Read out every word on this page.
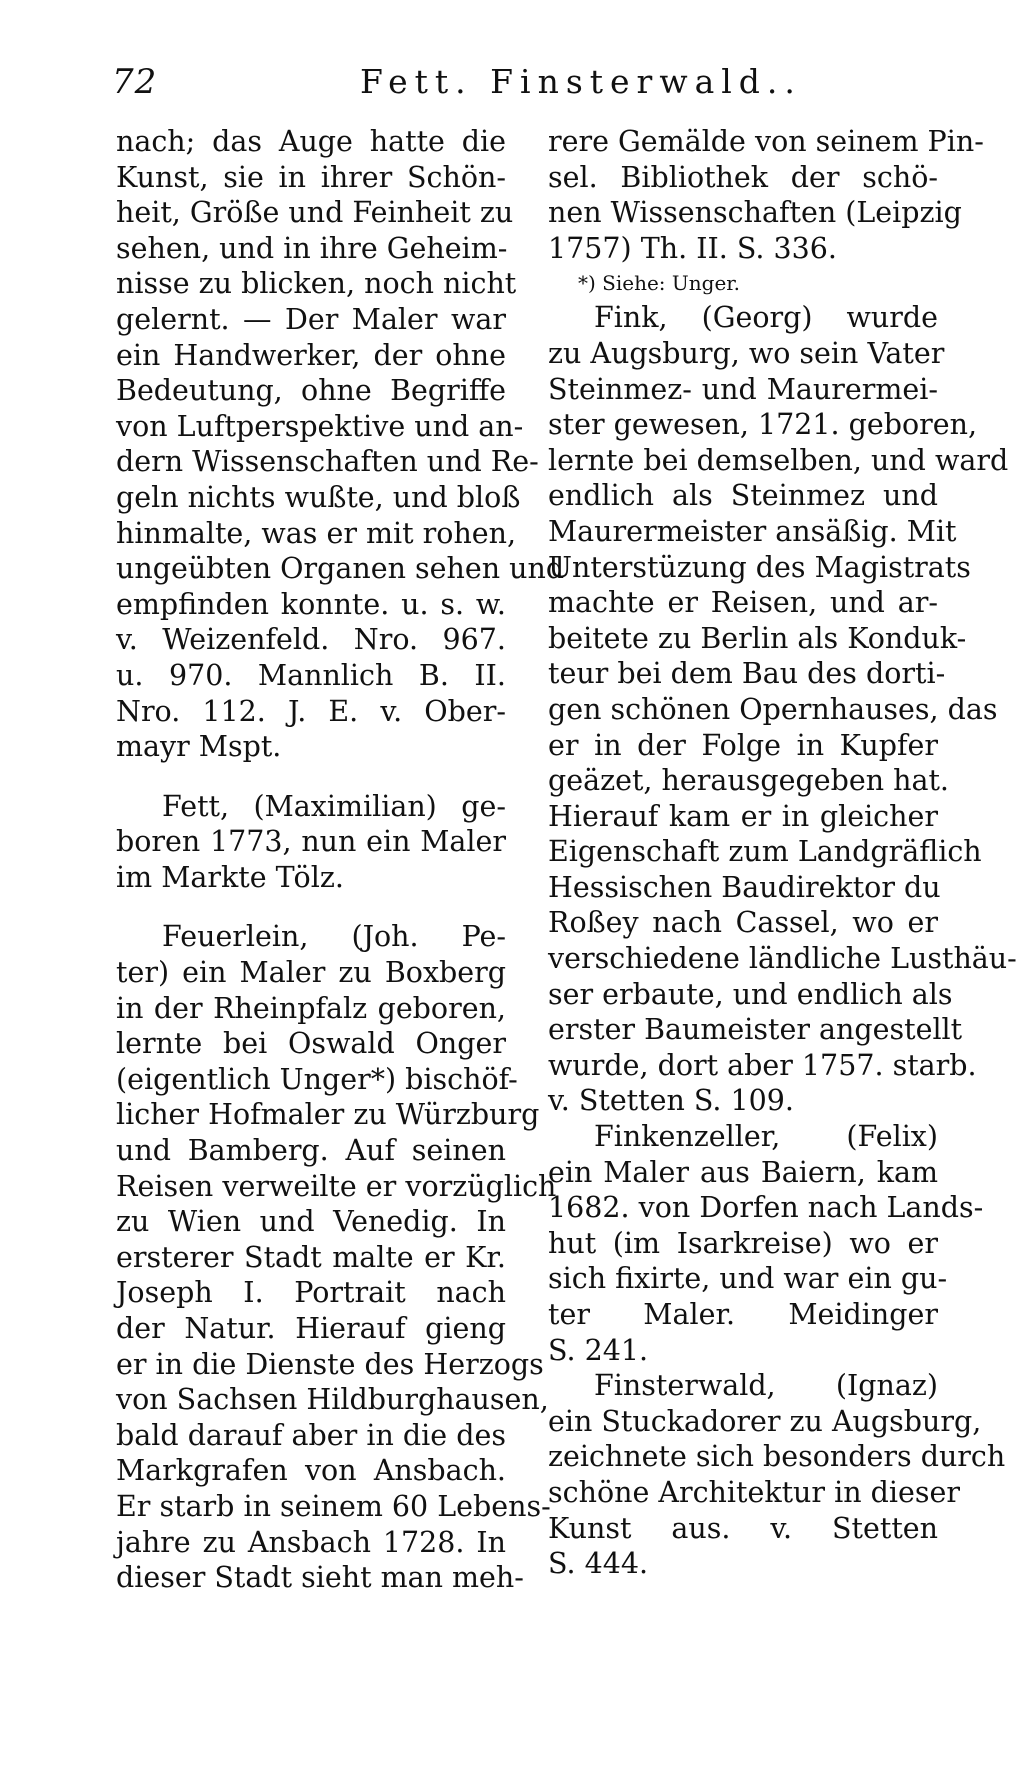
72	Fett. Finsterwald..
nach; das Auge hatte die
Kunst, sie in ihrer Schön-
heit, Größe und Feinheit zu
sehen, und in ihre Geheim-
nisse zu blicken, noch nicht
gelernt. — Der Maler war
ein Handwerker, der ohne
Bedeutung, ohne Begriffe
von Luftperspektive und an-
dern Wissenschaften und Re-
geln nichts wußte, und bloß
hinmalte, was er mit rohen,
ungeübten Organen sehen und
empfinden konnte. u. s. w.
v. Weizenfeld. Nro. 967.
u. 970. Mannlich B. II.
Nro. 112. J. E. v. Ober-
mayr Mspt.
Fett, (Maximilian) ge-
boren 1773, nun ein Maler
im Markte Tölz.
Feuerlein, (Joh. Pe-
ter) ein Maler zu Boxberg
in der Rheinpfalz geboren,
lernte bei Oswald Onger
(eigentlich Unger*) bischöf-
licher Hofmaler zu Würzburg
und Bamberg. Auf seinen
Reisen verweilte er vorzüglich
zu Wien und Venedig. In
ersterer Stadt malte er Kr.
Joseph I. Portrait nach
der Natur. Hierauf gieng
er in die Dienste des Herzogs
von Sachsen Hildburghausen,
bald darauf aber in die des
Markgrafen von Ansbach.
Er starb in seinem 60 Lebens-
jahre zu Ansbach 1728. In
dieser Stadt sieht man meh-
rere Gemälde von seinem Pin-
sel. Bibliothek der schö-
nen Wissenschaften (Leipzig
1757) Th. II. S. 336.
*) Siehe: Unger.
Fink, (Georg) wurde
zu Augsburg, wo sein Vater
Steinmez- und Maurermei-
ster gewesen, 1721. geboren,
lernte bei demselben, und ward
endlich als Steinmez und
Maurermeister ansäßig. Mit
Unterstüzung des Magistrats
machte er Reisen, und ar-
beitete zu Berlin als Konduk-
teur bei dem Bau des dorti-
gen schönen Opernhauses, das
er in der Folge in Kupfer
geäzet, herausgegeben hat.
Hierauf kam er in gleicher
Eigenschaft zum Landgräflich
Hessischen Baudirektor du
Roßey nach Cassel, wo er
verschiedene ländliche Lusthäu-
ser erbaute, und endlich als
erster Baumeister angestellt
wurde, dort aber 1757. starb.
v. Stetten S. 109.
Finkenzeller, (Felix)
ein Maler aus Baiern, kam
1682. von Dorfen nach Lands-
hut (im Isarkreise) wo er
sich fixirte, und war ein gu-
ter Maler. Meidinger
S. 241.
Finsterwald, (Ignaz)
ein Stuckadorer zu Augsburg,
zeichnete sich besonders durch
schöne Architektur in dieser
Kunst aus. v. Stetten
S. 444.
